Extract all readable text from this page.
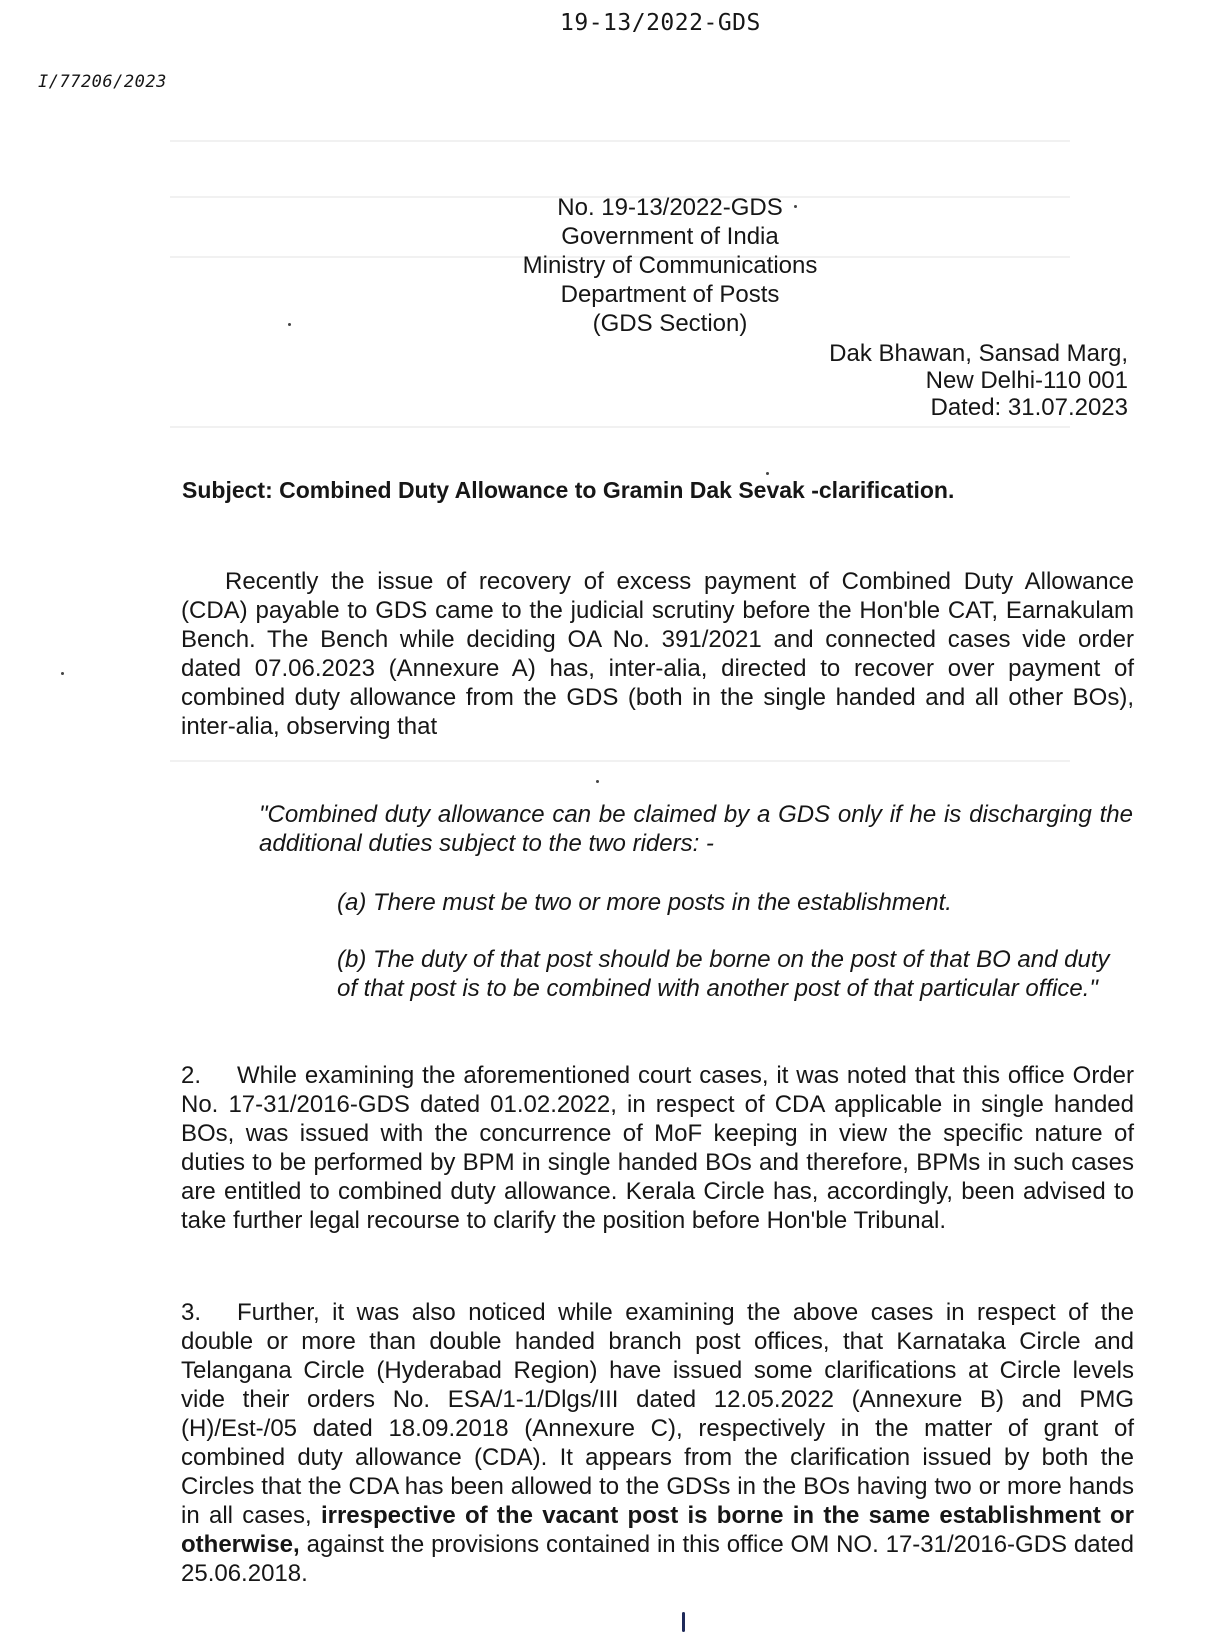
19-13/2022-GDS
I/77206/2023
No. 19-13/2022-GDS
Government of India
Ministry of Communications
Department of Posts
(GDS Section)
Dak Bhawan, Sansad Marg,
New Delhi-110 001
Dated: 31.07.2023
Subject: Combined Duty Allowance to Gramin Dak Sevak -clarification.

Recently the issue of recovery of excess payment of Combined Duty Allowance (CDA) payable to GDS came to the judicial scrutiny before the Hon'ble CAT, Earnakulam Bench. The Bench while deciding OA No. 391/2021 and connected cases vide order dated 07.06.2023 (Annexure A) has, inter-alia, directed to recover over payment of combined duty allowance from the GDS (both in the single handed and all other BOs), inter-alia, observing that

"Combined duty allowance can be claimed by a GDS only if he is discharging the additional duties subject to the two riders: -

(a) There must be two or more posts in the establishment.

(b) The duty of that post should be borne on the post of that BO and duty of that post is to be combined with another post of that particular office."

2. While examining the aforementioned court cases, it was noted that this office Order No. 17-31/2016-GDS dated 01.02.2022, in respect of CDA applicable in single handed BOs, was issued with the concurrence of MoF keeping in view the specific nature of duties to be performed by BPM in single handed BOs and therefore, BPMs in such cases are entitled to combined duty allowance. Kerala Circle has, accordingly, been advised to take further legal recourse to clarify the position before Hon'ble Tribunal.

3. Further, it was also noticed while examining the above cases in respect of the double or more than double handed branch post offices, that Karnataka Circle and Telangana Circle (Hyderabad Region) have issued some clarifications at Circle levels vide their orders No. ESA/1-1/Dlgs/III dated 12.05.2022 (Annexure B) and PMG (H)/Est-/05 dated 18.09.2018 (Annexure C), respectively in the matter of grant of combined duty allowance (CDA). It appears from the clarification issued by both the Circles that the CDA has been allowed to the GDSs in the BOs having two or more hands in all cases, irrespective of the vacant post is borne in the same establishment or otherwise, against the provisions contained in this office OM NO. 17-31/2016-GDS dated 25.06.2018.
